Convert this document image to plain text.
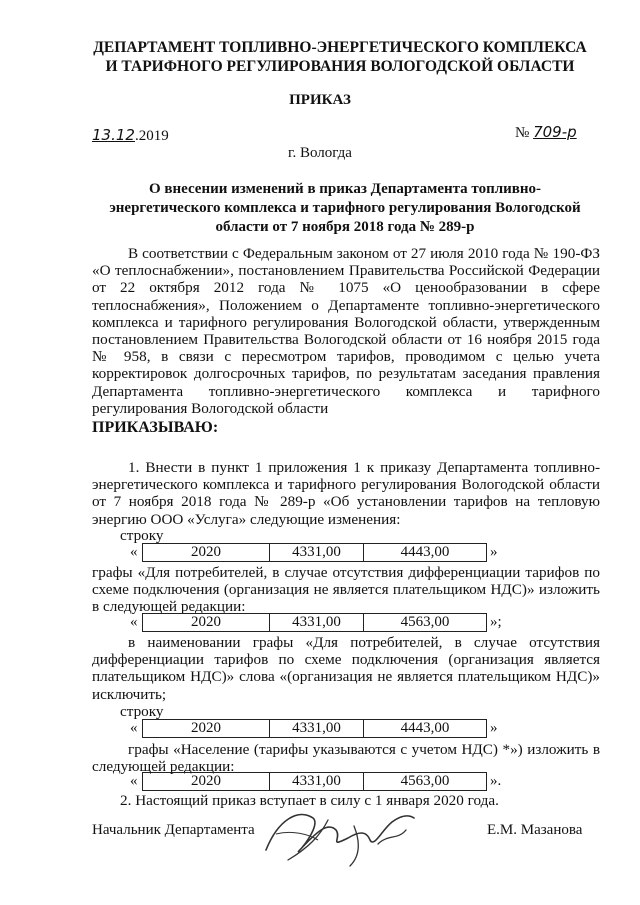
ДЕПАРТАМЕНТ ТОПЛИВНО-ЭНЕРГЕТИЧЕСКОГО КОМПЛЕКСА
И ТАРИФНОГО РЕГУЛИРОВАНИЯ ВОЛОГОДСКОЙ ОБЛАСТИ
ПРИКАЗ
13.12.2019	№ 709-р
г. Вологда
О внесении изменений в приказ Департамента топливно-
энергетического комплекса и тарифного регулирования Вологодской
области от 7 ноября 2018 года № 289-р
В соответствии с Федеральным законом от 27 июля 2010 года № 190-ФЗ «О теплоснабжении», постановлением Правительства Российской Федерации от 22 октября 2012 года № 1075 «О ценообразовании в сфере теплоснабжения», Положением о Департаменте топливно-энергетического комплекса и тарифного регулирования Вологодской области, утвержденным постановлением Правительства Вологодской области от 16 ноября 2015 года № 958, в связи с пересмотром тарифов, проводимом с целью учета корректировок долгосрочных тарифов, по результатам заседания правления Департамента топливно-энергетического комплекса и тарифного регулирования Вологодской области
ПРИКАЗЫВАЮ:
1. Внести в пункт 1 приложения 1 к приказу Департамента топливно-энергетического комплекса и тарифного регулирования Вологодской области от 7 ноября 2018 года № 289-р «Об установлении тарифов на тепловую энергию ООО «Услуга» следующие изменения:
строку
«	2020	4331,00	4443,00	»
графы «Для потребителей, в случае отсутствия дифференциации тарифов по схеме подключения (организация не является плательщиком НДС)» изложить в следующей редакции:
«	2020	4331,00	4563,00	»;
в наименовании графы «Для потребителей, в случае отсутствия дифференциации тарифов по схеме подключения (организация является плательщиком НДС)» слова «(организация не является плательщиком НДС)» исключить;
строку
«	2020	4331,00	4443,00	»
графы «Население (тарифы указываются с учетом НДС) *») изложить в следующей редакции:
«	2020	4331,00	4563,00	».
2. Настоящий приказ вступает в силу с 1 января 2020 года.
Начальник Департамента	Е.М. Мазанова
